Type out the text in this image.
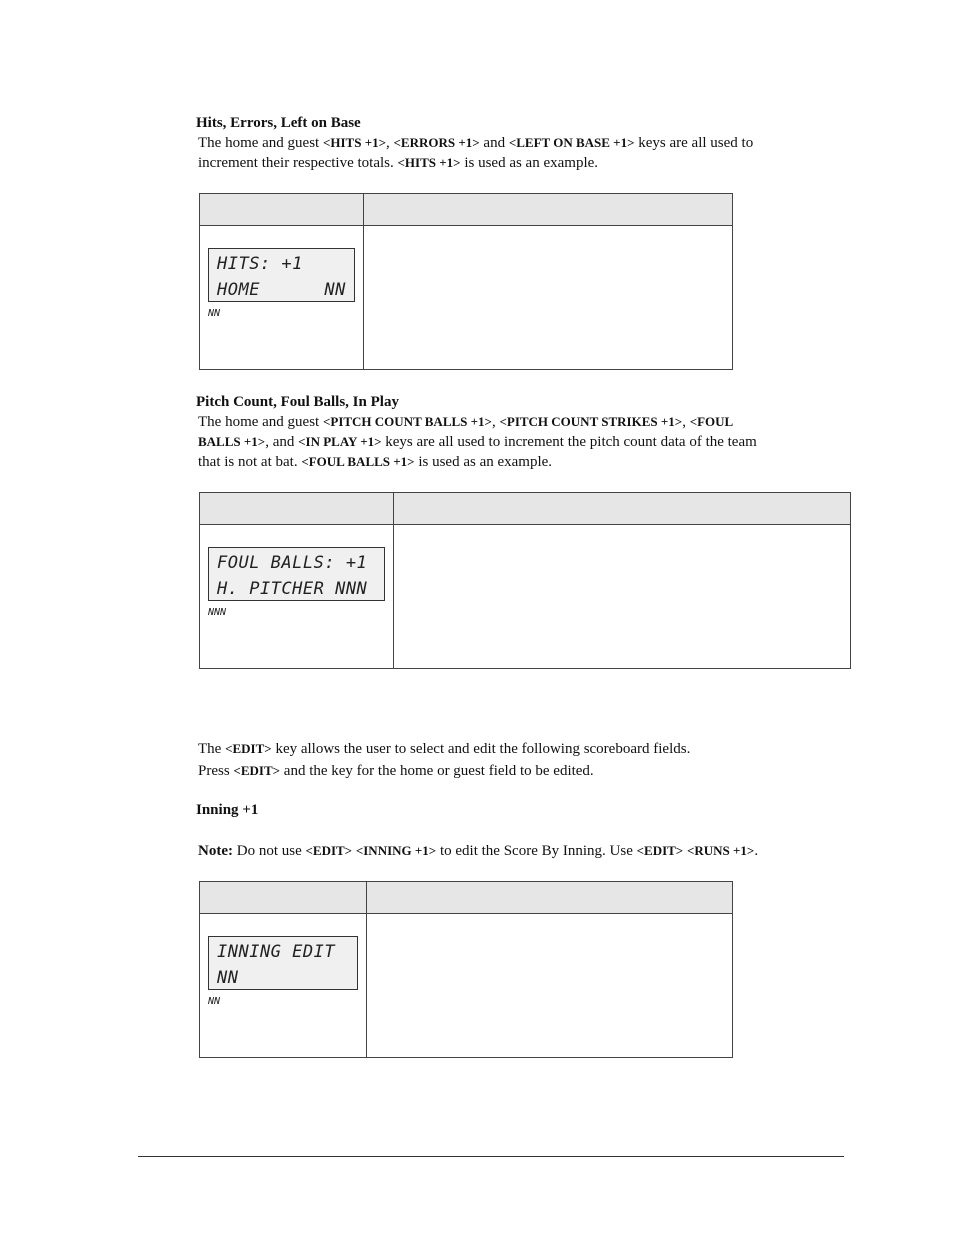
Hits, Errors, Left on Base
The home and guest <HITS +1>, <ERRORS +1> and <LEFT ON BASE +1> keys are all used to
increment their respective totals. <HITS +1> is used as an example.

HITS: +1
HOME      NN
NN
Pitch Count, Foul Balls, In Play
The home and guest <PITCH COUNT BALLS +1>, <PITCH COUNT STRIKES +1>, <FOUL
BALLS +1>, and <IN PLAY +1> keys are all used to increment the pitch count data of the team
that is not at bat. <FOUL BALLS +1> is used as an example.

FOUL BALLS: +1
H. PITCHER NNN
NNN
The <EDIT> key allows the user to select and edit the following scoreboard fields.
Press <EDIT> and the key for the home or guest field to be edited.
Inning +1
Note: Do not use <EDIT> <INNING +1> to edit the Score By Inning. Use <EDIT> <RUNS +1>.

INNING EDIT
NN
NN
